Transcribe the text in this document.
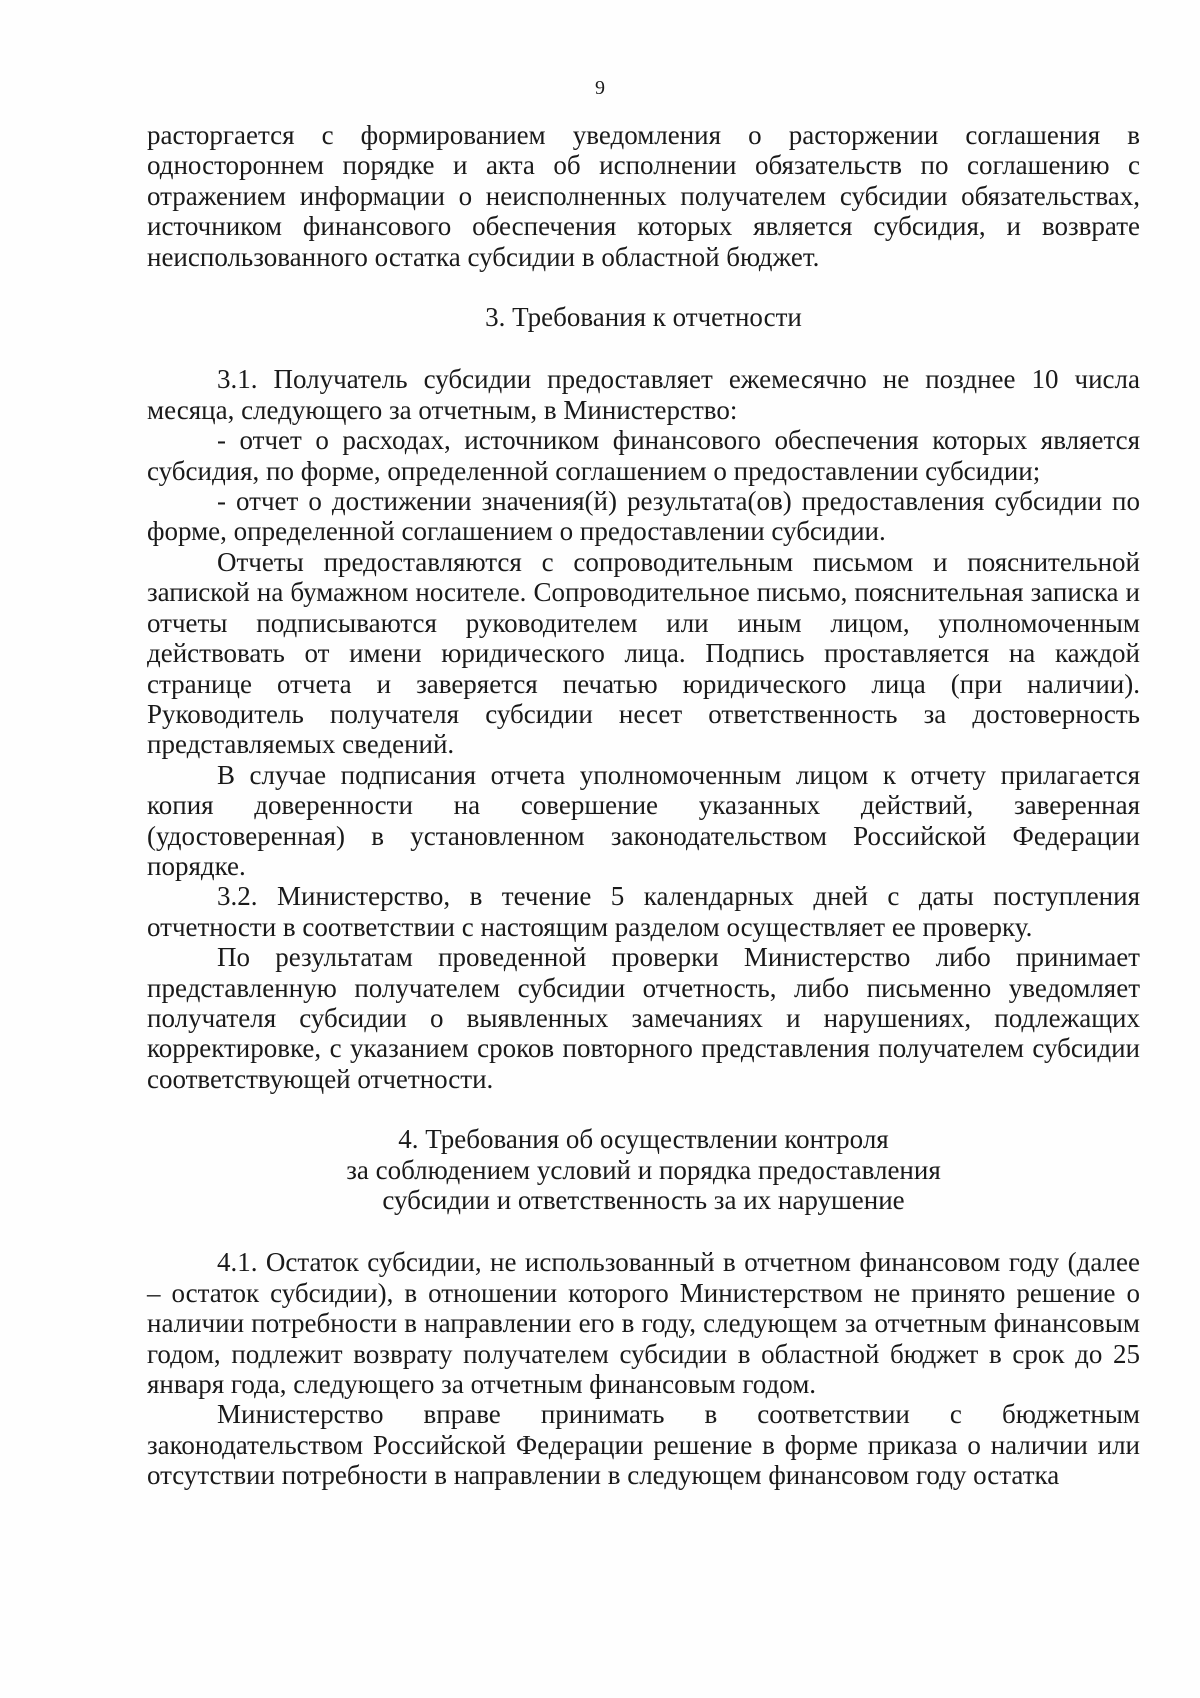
9

расторгается с формированием уведомления о расторжении соглашения в одностороннем порядке и акта об исполнении обязательств по соглашению с отражением информации о неисполненных получателем субсидии обязательствах, источником финансового обеспечения которых является субсидия, и возврате неиспользованного остатка субсидии в областной бюджет.

3. Требования к отчетности

3.1. Получатель субсидии предоставляет ежемесячно не позднее 10 числа месяца, следующего за отчетным, в Министерство:

- отчет о расходах, источником финансового обеспечения которых является субсидия, по форме, определенной соглашением о предоставлении субсидии;

- отчет о достижении значения(й) результата(ов) предоставления субсидии по форме, определенной соглашением о предоставлении субсидии.

Отчеты предоставляются с сопроводительным письмом и пояснительной запиской на бумажном носителе. Сопроводительное письмо, пояснительная записка и отчеты подписываются руководителем или иным лицом, уполномоченным действовать от имени юридического лица. Подпись проставляется на каждой странице отчета и заверяется печатью юридического лица (при наличии). Руководитель получателя субсидии несет ответственность за достоверность представляемых сведений.

В случае подписания отчета уполномоченным лицом к отчету прилагается копия доверенности на совершение указанных действий, заверенная (удостоверенная) в установленном законодательством Российской Федерации порядке.

3.2. Министерство, в течение 5 календарных дней с даты поступления отчетности в соответствии с настоящим разделом осуществляет ее проверку.

По результатам проведенной проверки Министерство либо принимает представленную получателем субсидии отчетность, либо письменно уведомляет получателя субсидии о выявленных замечаниях и нарушениях, подлежащих корректировке, с указанием сроков повторного представления получателем субсидии соответствующей отчетности.

4. Требования об осуществлении контроля
за соблюдением условий и порядка предоставления
субсидии и ответственность за их нарушение

4.1. Остаток субсидии, не использованный в отчетном финансовом году (далее – остаток субсидии), в отношении которого Министерством не принято решение о наличии потребности в направлении его в году, следующем за отчетным финансовым годом, подлежит возврату получателем субсидии в областной бюджет в срок до 25 января года, следующего за отчетным финансовым годом.

Министерство вправе принимать в соответствии с бюджетным законодательством Российской Федерации решение в форме приказа о наличии или отсутствии потребности в направлении в следующем финансовом году остатка
